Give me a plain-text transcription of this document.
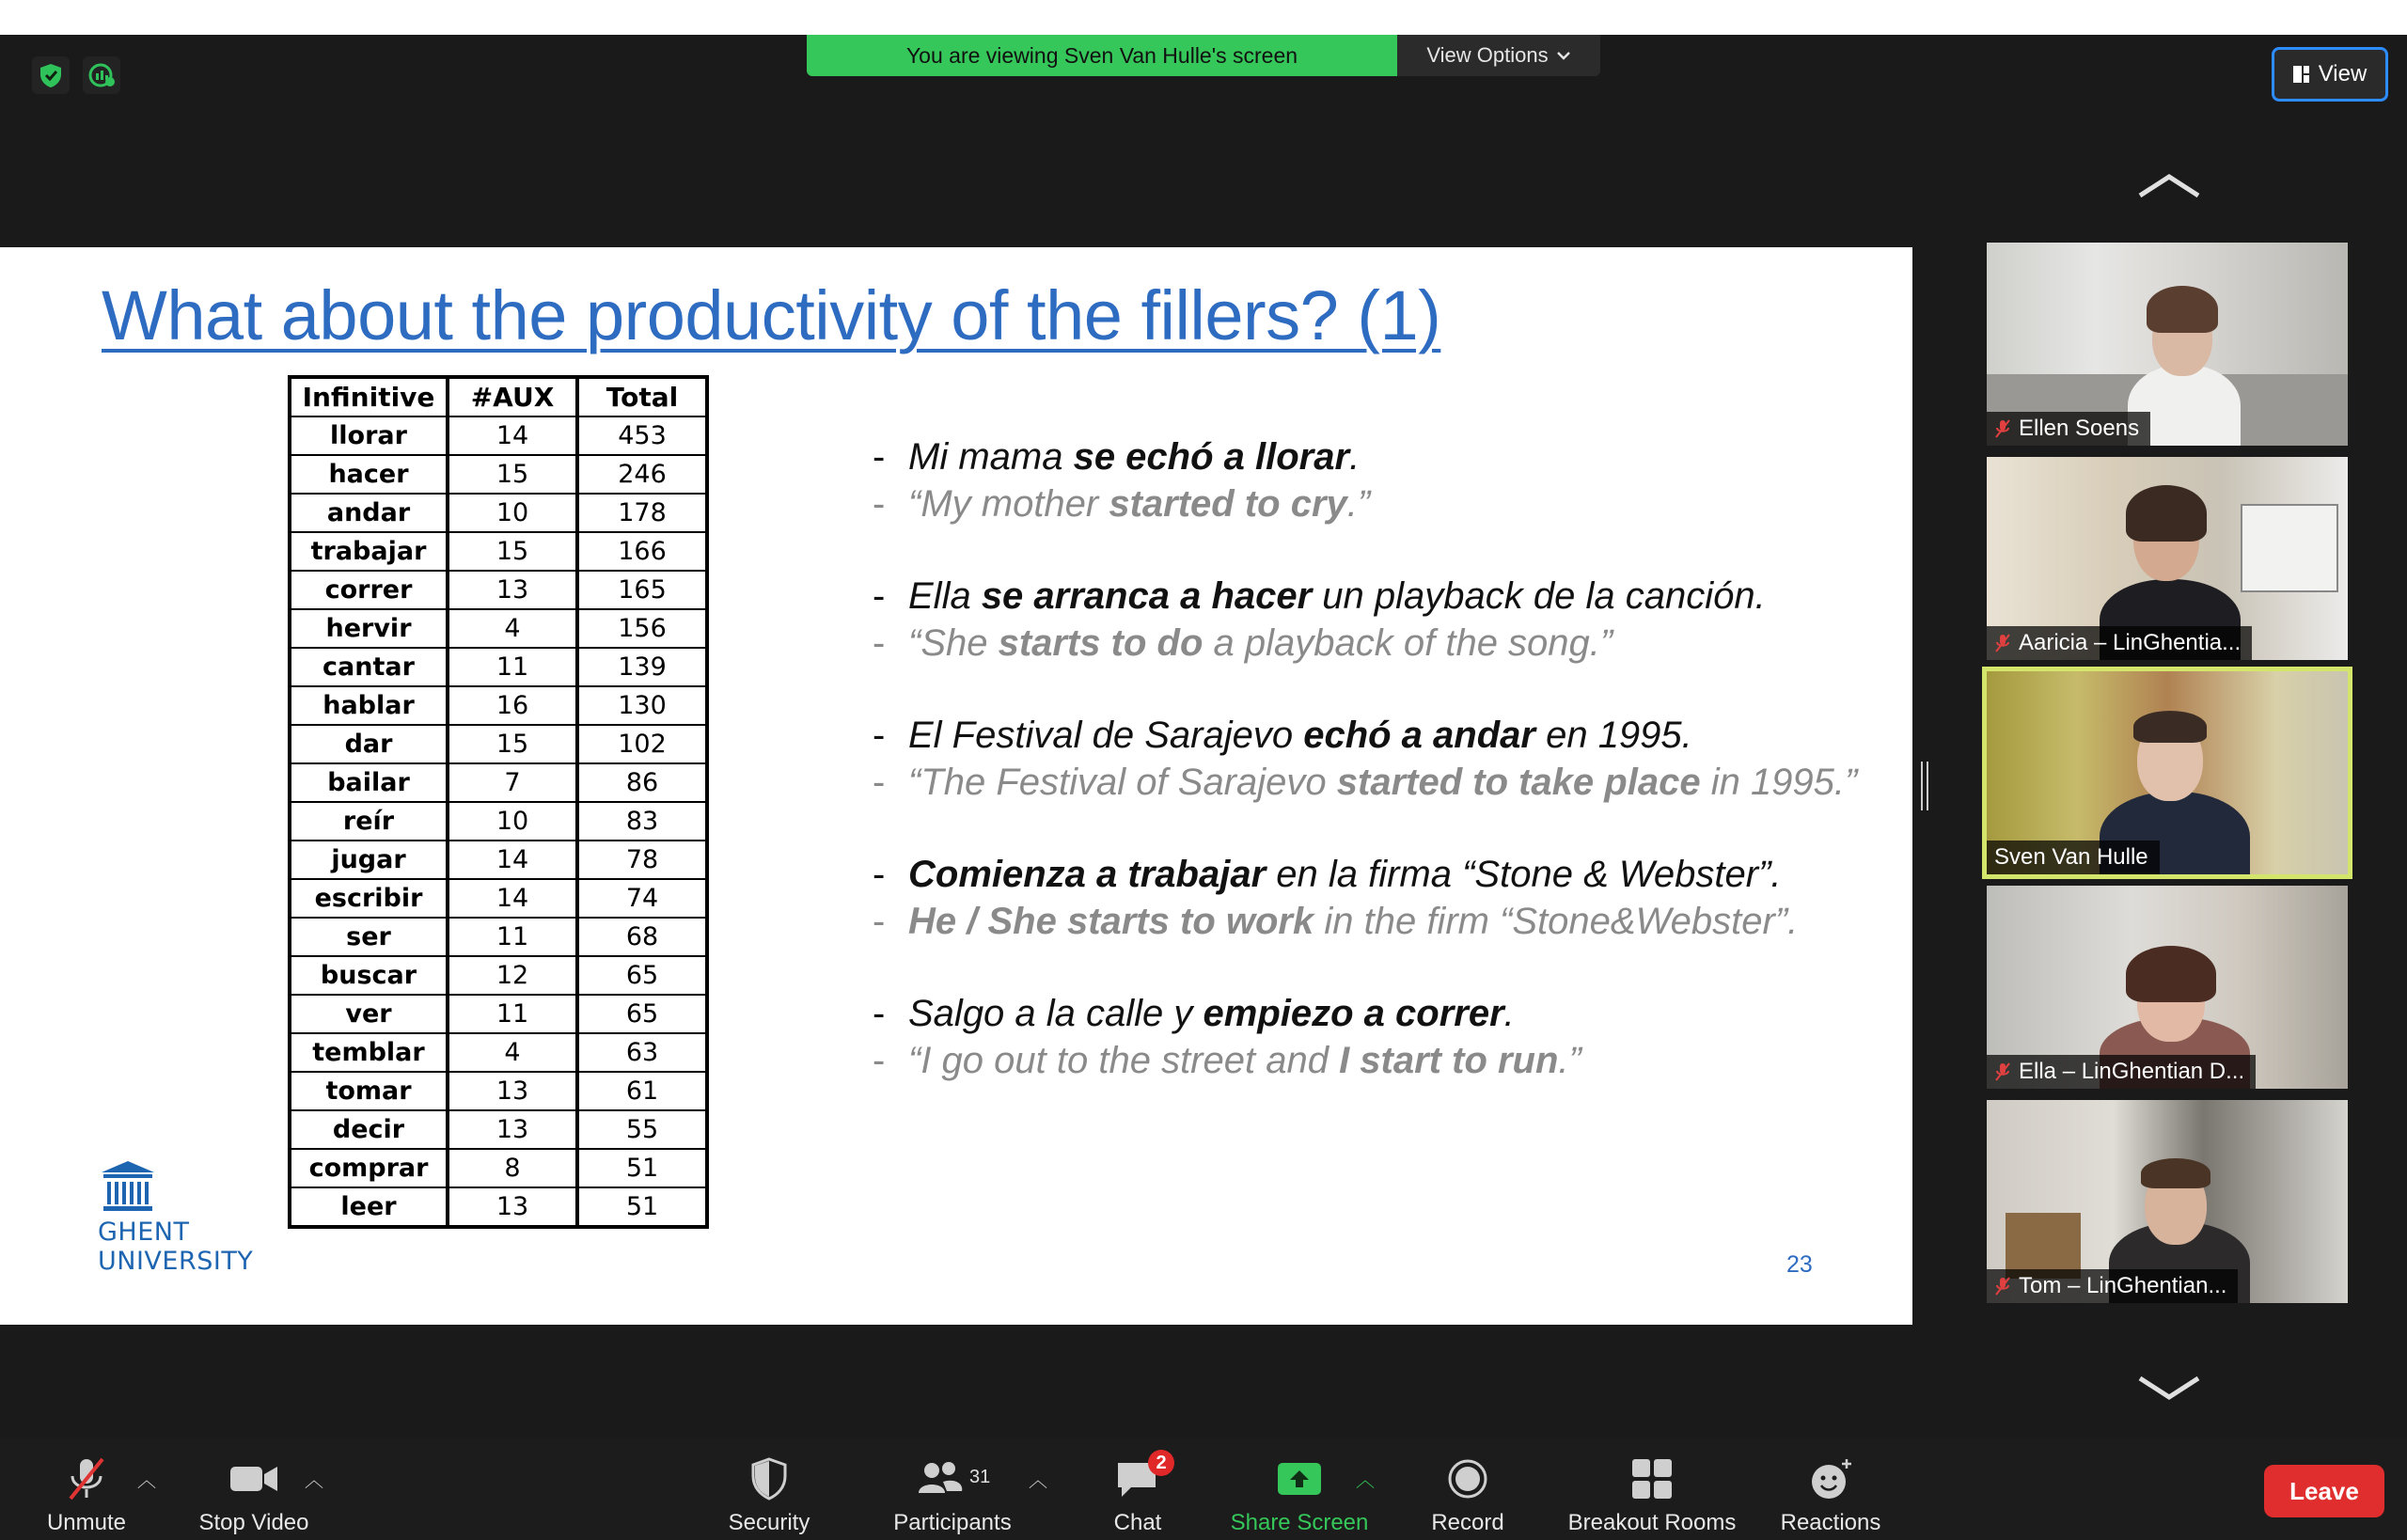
You are viewing Sven Van Hulle's screen	View Options
View
What about the productivity of the fillers? (1)
Infinitive	#AUX	Total
llorar	14	453
hacer	15	246
andar	10	178
trabajar	15	166
correr	13	165
hervir	4	156
cantar	11	139
hablar	16	130
dar	15	102
bailar	7	86
reír	10	83
jugar	14	78
escribir	14	74
ser	11	68
buscar	12	65
ver	11	65
temblar	4	63
tomar	13	61
decir	13	55
comprar	8	51
leer	13	51
- Mi mama se echó a llorar.
- “My mother started to cry.”
- Ella se arranca a hacer un playback de la canción.
- “She starts to do a playback of the song.”
- El Festival de Sarajevo echó a andar en 1995.
- “The Festival of Sarajevo started to take place in 1995.”
- Comienza a trabajar en la firma “Stone & Webster”.
- He / She starts to work in the firm “Stone&Webster”.
- Salgo a la calle y empiezo a correr.
- “I go out to the street and I start to run.”
GHENT
UNIVERSITY	23
Ellen Soens
Aaricia – LinGhentia...
Sven Van Hulle
Ella – LinGhentian D...
Tom – LinGhentian...
Unmute
︿
Stop Video
︿
Security
31
Participants
︿
2
Chat	Share Screen
︿
Record	Breakout Rooms Reactions
Leave
